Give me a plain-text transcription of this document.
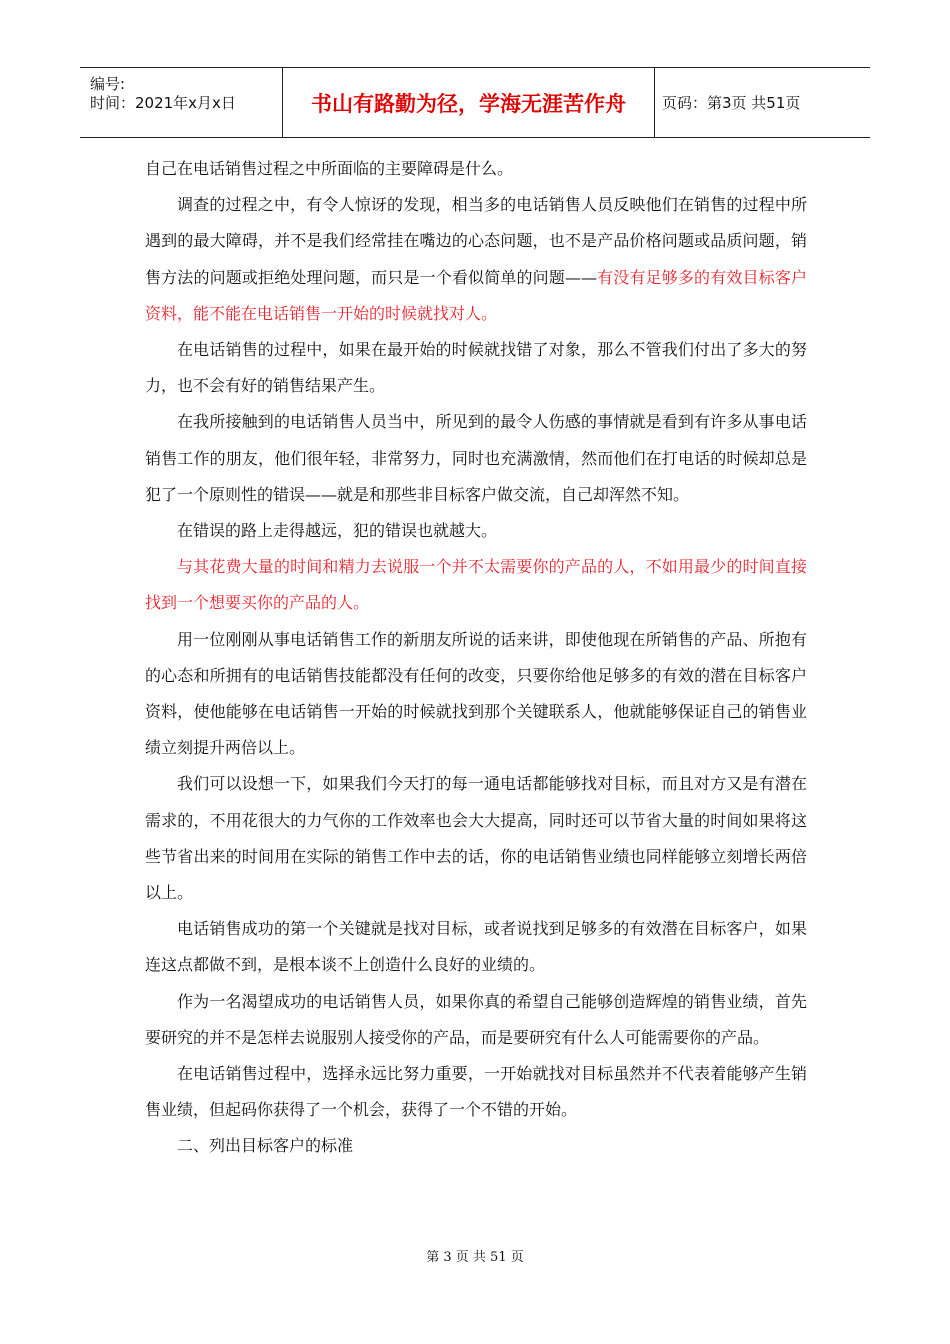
编号:
时间：2021年x月x日	书山有路勤为径，学海无涯苦作舟	页码：第3页 共51页

自己在电话销售过程之中所面临的主要障碍是什么。

调查的过程之中，有令人惊讶的发现，相当多的电话销售人员反映他们在销售的过程中所遇到的最大障碍，并不是我们经常挂在嘴边的心态问题，也不是产品价格问题或品质问题，销售方法的问题或拒绝处理问题，而只是一个看似简单的问题——有没有足够多的有效目标客户资料，能不能在电话销售一开始的时候就找对人。

在电话销售的过程中，如果在最开始的时候就找错了对象，那么不管我们付出了多大的努力，也不会有好的销售结果产生。

在我所接触到的电话销售人员当中，所见到的最令人伤感的事情就是看到有许多从事电话销售工作的朋友，他们很年轻，非常努力，同时也充满激情，然而他们在打电话的时候却总是犯了一个原则性的错误——就是和那些非目标客户做交流，自己却浑然不知。

在错误的路上走得越远，犯的错误也就越大。

与其花费大量的时间和精力去说服一个并不太需要你的产品的人，不如用最少的时间直接找到一个想要买你的产品的人。

用一位刚刚从事电话销售工作的新朋友所说的话来讲，即使他现在所销售的产品、所抱有的心态和所拥有的电话销售技能都没有任何的改变，只要你给他足够多的有效的潜在目标客户资料，使他能够在电话销售一开始的时候就找到那个关键联系人，他就能够保证自己的销售业绩立刻提升两倍以上。

我们可以设想一下，如果我们今天打的每一通电话都能够找对目标，而且对方又是有潜在需求的，不用花很大的力气你的工作效率也会大大提高，同时还可以节省大量的时间如果将这些节省出来的时间用在实际的销售工作中去的话，你的电话销售业绩也同样能够立刻增长两倍以上。

电话销售成功的第一个关键就是找对目标，或者说找到足够多的有效潜在目标客户，如果连这点都做不到，是根本谈不上创造什么良好的业绩的。

作为一名渴望成功的电话销售人员，如果你真的希望自己能够创造辉煌的销售业绩，首先要研究的并不是怎样去说服别人接受你的产品，而是要研究有什么人可能需要你的产品。

在电话销售过程中，选择永远比努力重要，一开始就找对目标虽然并不代表着能够产生销售业绩，但起码你获得了一个机会，获得了一个不错的开始。

二、列出目标客户的标准

第 3 页 共 51 页
